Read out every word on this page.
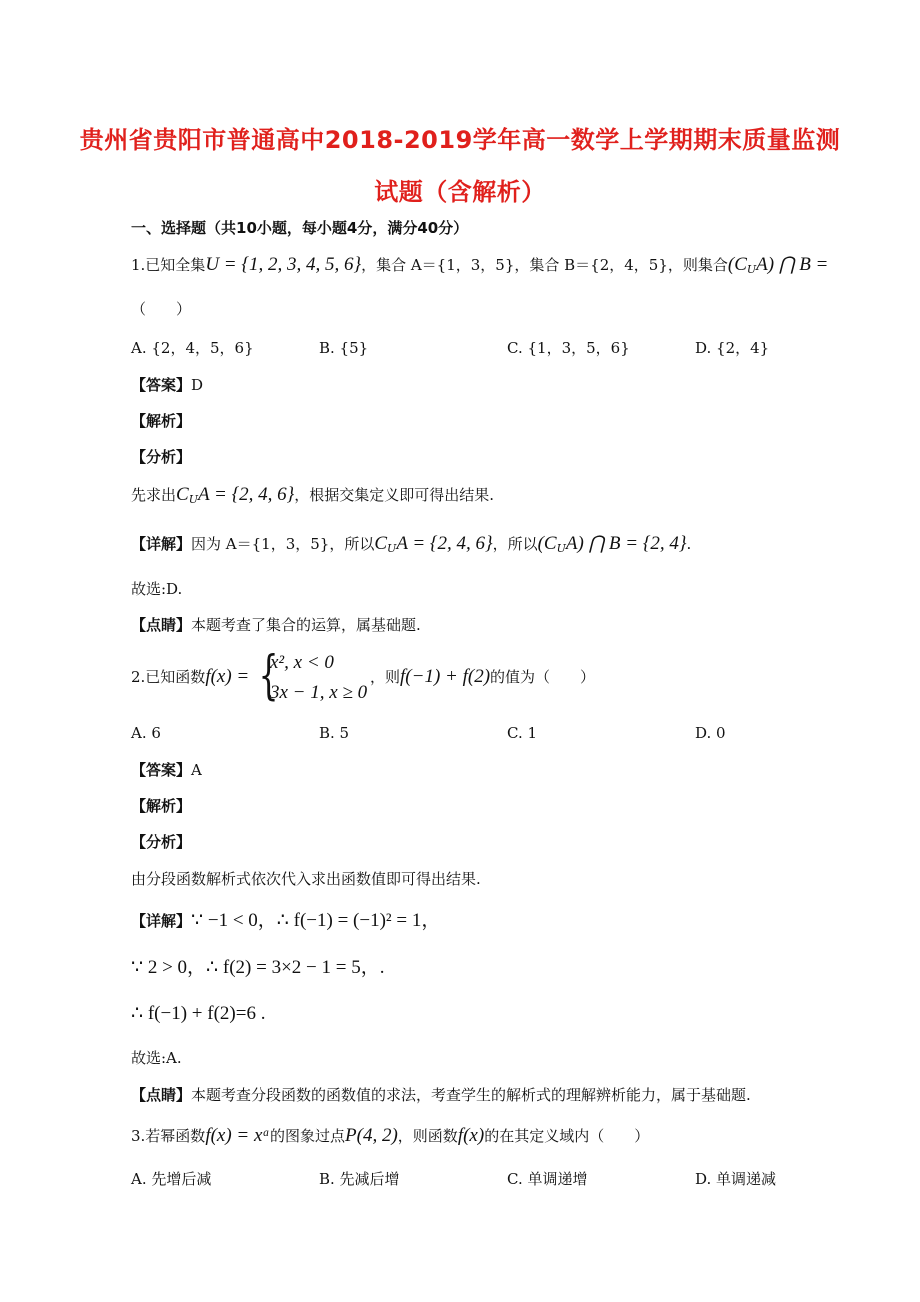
贵州省贵阳市普通高中2018-2019学年高一数学上学期期末质量监测
试题（含解析）
一、选择题（共10小题，每小题4分，满分40分）
1.已知全集U = {1, 2, 3, 4, 5, 6}，集合 A＝{1，3，5}，集合 B＝{2，4，5}，则集合$(C_UA)$ ⋂ B =
（　　）
A. {2，4，5，6}	B. {5}	C. {1，3，5，6}	D. {2，4}
【答案】D
【解析】
【分析】
先求出$C_UA = \{2$, 4, 6}，根据交集定义即可得出结果.
【详解】因为 A＝{1，3，5}，所以$C_UA = \{2$, 4, 6}，所以$(C_UA)$ ⋂ B = {2, 4}.
故选:D.
【点睛】本题考查了集合的运算，属基础题.
2.已知函数f(x) = {
x², x < 0
3x − 1, x ≥ 0
，则f(−1) + f(2)的值为（　　）
A. 6	B. 5	C. 1	D. 0
【答案】A
【解析】
【分析】
由分段函数解析式依次代入求出函数值即可得出结果.
【详解】∵ −1 < 0，∴ f(−1) = (−1)² = 1，
∵ 2 > 0，∴ f(2) = 3×2 − 1 = 5，.
∴ f(−1) + f(2)=6 .
故选:A.
【点睛】本题考查分段函数的函数值的求法，考查学生的解析式的理解辨析能力，属于基础题.
3.若幂函数f(x) = xᵃ的图象过点P(4, 2)，则函数f(x)的在其定义域内（　　）
A. 先增后减	B. 先减后增	C. 单调递增	D. 单调递减
